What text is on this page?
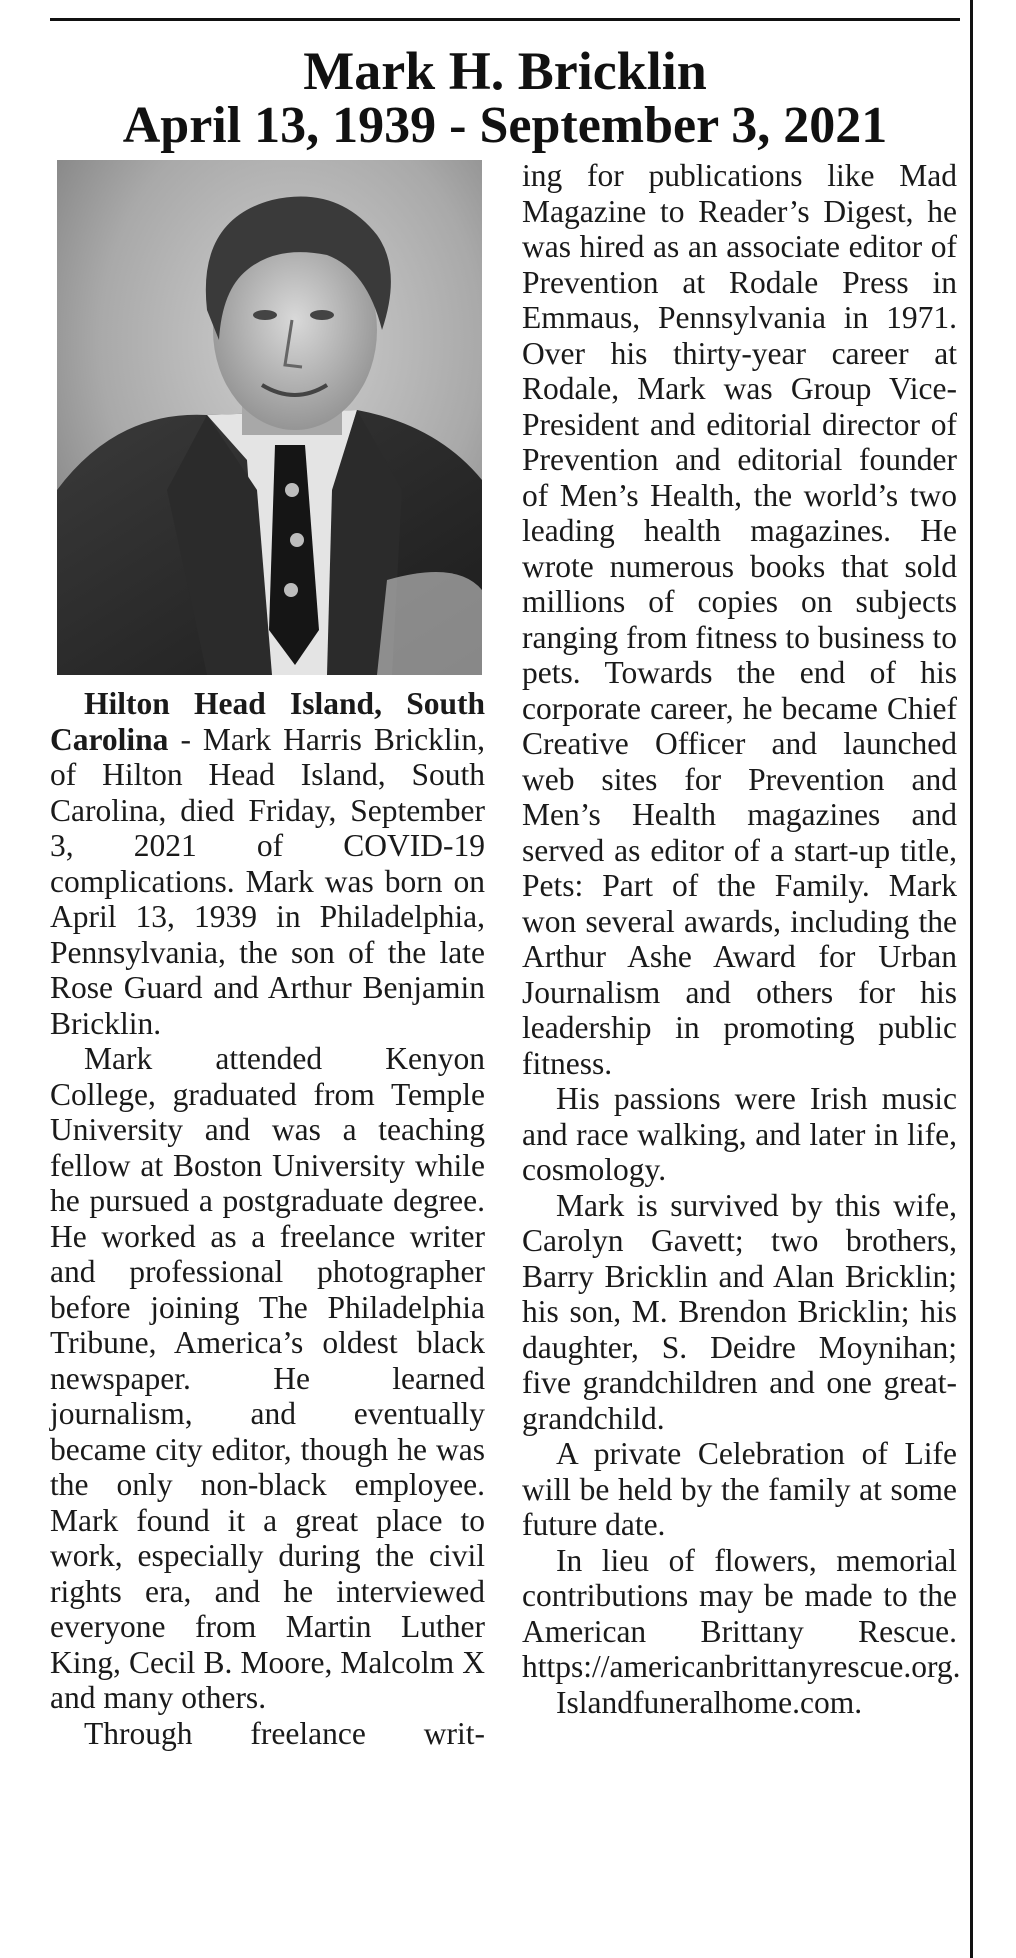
Mark H. Bricklin
April 13, 1939 - September 3, 2021

Hilton Head Island, South Carolina - Mark Harris Bricklin, of Hilton Head Island, South Carolina, died Friday, September 3, 2021 of COVID-19 complications. Mark was born on April 13, 1939 in Philadelphia, Pennsylvania, the son of the late Rose Guard and Arthur Benjamin Bricklin.

Mark attended Kenyon College, graduated from Temple University and was a teaching fellow at Boston University while he pursued a postgraduate degree. He worked as a freelance writer and professional photographer before joining The Philadelphia Tribune, America’s oldest black newspaper. He learned journalism, and eventually became city editor, though he was the only non-black employee. Mark found it a great place to work, especially during the civil rights era, and he interviewed everyone from Martin Luther King, Cecil B. Moore, Malcolm X and many others.

Through freelance writ-

ing for publications like Mad Magazine to Reader’s Digest, he was hired as an associate editor of Prevention at Rodale Press in Emmaus, Pennsylvania in 1971. Over his thirty-year career at Rodale, Mark was Group Vice-President and editorial director of Prevention and editorial founder of Men’s Health, the world’s two leading health magazines. He wrote numerous books that sold millions of copies on subjects ranging from fitness to business to pets. Towards the end of his corporate career, he became Chief Creative Officer and launched web sites for Prevention and Men’s Health magazines and served as editor of a start-up title, Pets: Part of the Family. Mark won several awards, including the Arthur Ashe Award for Urban Journalism and others for his leadership in promoting public fitness.

His passions were Irish music and race walking, and later in life, cosmology.

Mark is survived by this wife, Carolyn Gavett; two brothers, Barry Bricklin and Alan Bricklin; his son, M. Brendon Bricklin; his daughter, S. Deidre Moynihan; five grandchildren and one great-grandchild.

A private Celebration of Life will be held by the family at some future date.

In lieu of flowers, memorial contributions may be made to the American Brittany Rescue. https://americanbrittanyrescue.org.

Islandfuneralhome.com.
